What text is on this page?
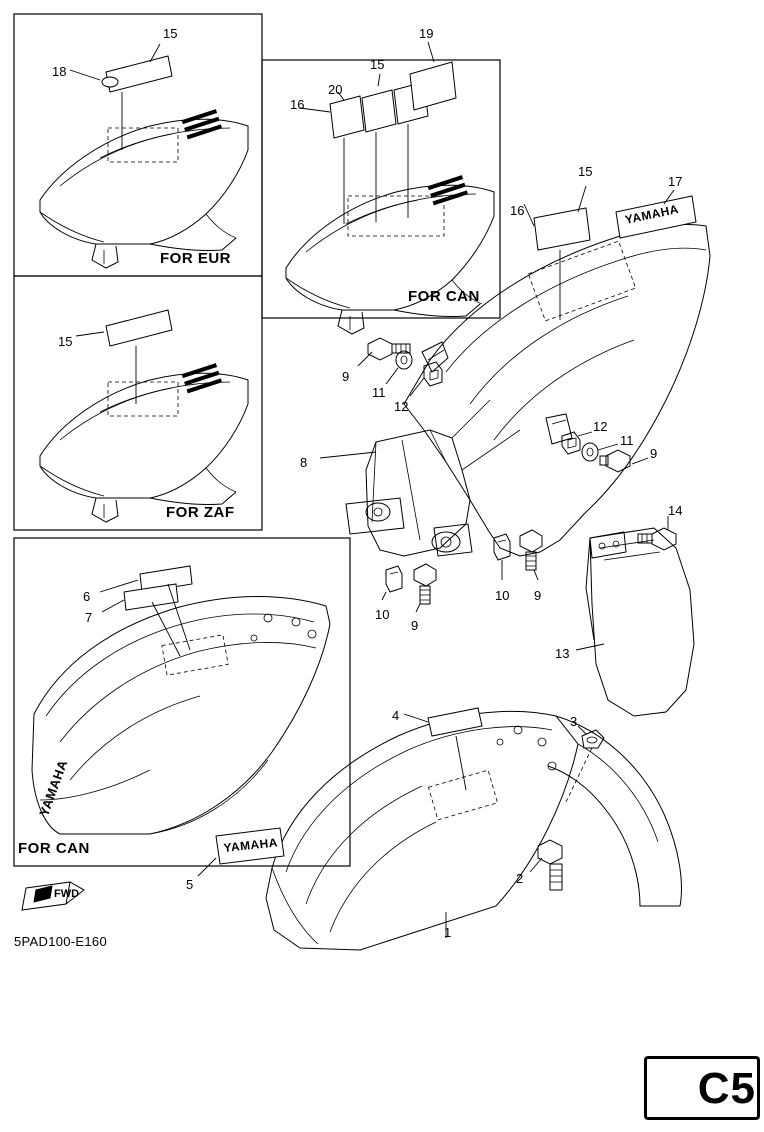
YAMAHA
YAMAHA
YAMAHA
FOR EUR
FOR CAN
FOR ZAF
FOR CAN
FWD
5PAD100-E160
C5
15
18
19
15
20
16
15
17
16
15
9
11
12
12
11
9
8
14
10 9
10
9
13
6
7
4	3
2
5
1
